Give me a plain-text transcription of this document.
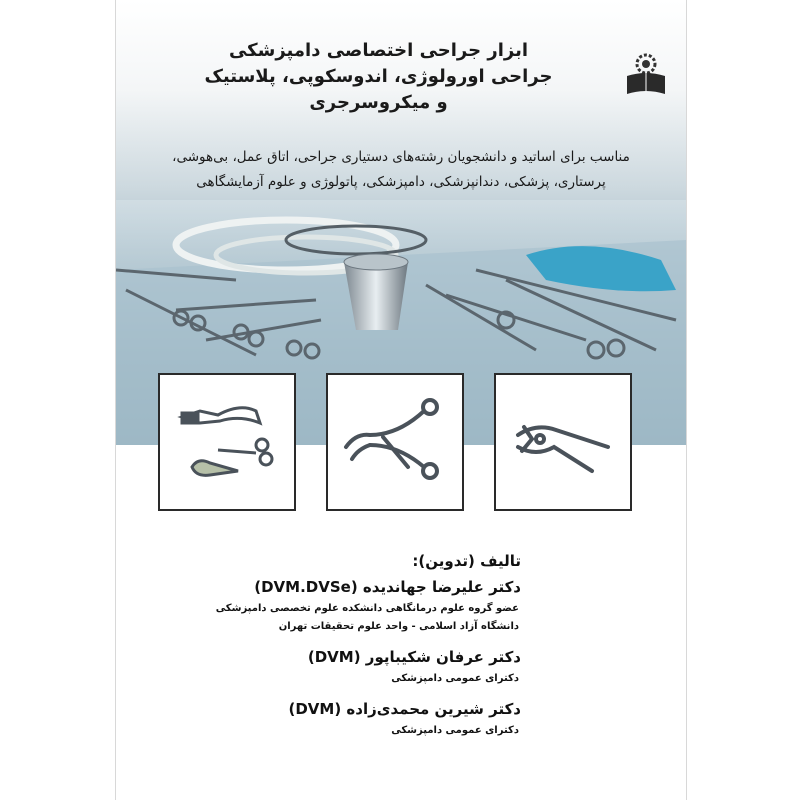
ابزار جراحی اختصاصی دامپزشکی
جراحی اورولوژی، اندوسکوپی، پلاستیک
و میکروسرجری
مناسب برای اساتید و دانشجویان رشته‌های دستیاری جراحی، اتاق عمل، بی‌هوشی،
پرستاری، پزشکی، دندانپزشکی، دامپزشکی، پاتولوژی و علوم آزمایشگاهی
تالیف (تدوین):
دکتر علیرضا جهاندیده (DVM.DVSe)
عضو گروه علوم درمانگاهی دانشکده علوم تخصصی دامپزشکی
دانشگاه آزاد اسلامی - واحد علوم تحقیقات تهران
دکتر عرفان شکیباپور (DVM)
دکترای عمومی دامپزشکی
دکتر شیرین محمدی‌زاده (DVM)
دکترای عمومی دامپزشکی
